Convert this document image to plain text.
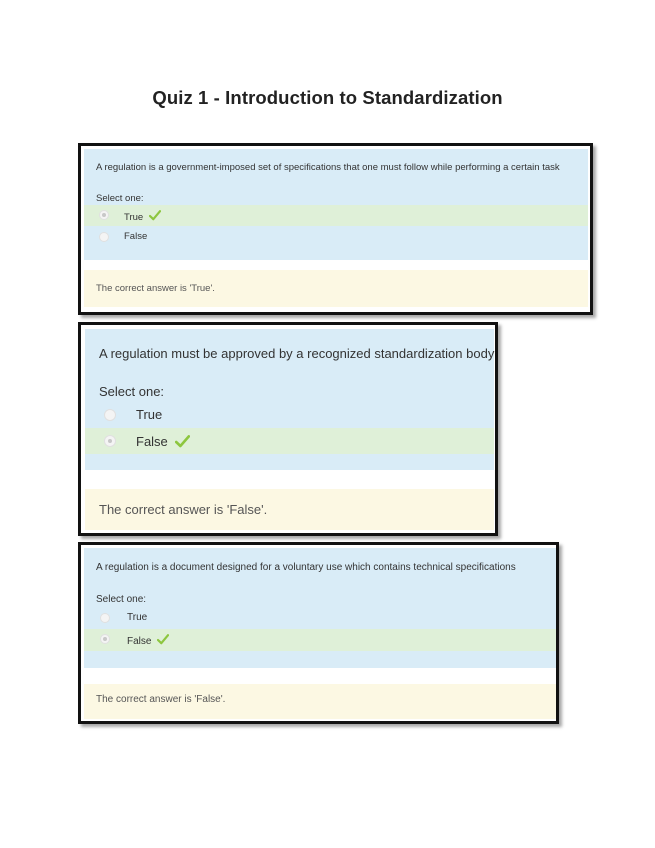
Quiz 1 - Introduction to Standardization
A regulation is a government-imposed set of specifications that one must follow while performing a certain task
Select one:
True
False
The correct answer is 'True'.
A regulation must be approved by a recognized standardization body
Select one:
True
False
The correct answer is 'False'.
A regulation is a document designed for a voluntary use which contains technical specifications
Select one:
True
False
The correct answer is 'False'.
